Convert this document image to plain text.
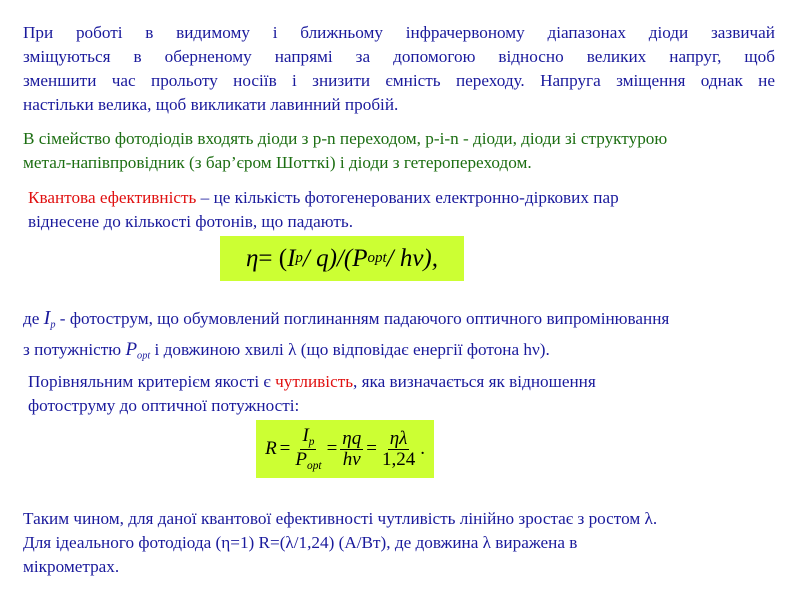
При роботі в видимому і ближньому інфрачервоному діапазонах діоди зазвичай
зміщуються в оберненому напрямі за допомогою відносно великих напруг, щоб
зменшити час прольоту носіїв і знизити ємність переходу. Напруга зміщення однак не
настільки велика, щоб викликати лавинний пробій.
В сімейство фотодіодів входять діоди з p-n переходом, p-i-n - діоди, діоди зі структурою
метал-напівпровідник (з бар’єром Шотткі) і діоди з гетеропереходом.
Квантова ефективність – це кількість фотогенерованих електронно-діркових пар
віднесене до кількості фотонів, що падають.
η = ( I p / q)/( P opt / hν),
де $I_p$ - фотострум, що обумовлений поглинанням падаючого оптичного випромінювання
з потужністю $P_{opt}$ і довжиною хвилі λ (що відповідає енергії фотона hν).
Порівняльним критерієм якості є чутливість, яка визначається як відношення
фотоструму до оптичної потужності:
$R = \frac{I_p}{P_{opt}} = \frac{\eta q}{h\nu} = \frac{\eta\lambda}{1,24}$ .
Таким чином, для даної квантової ефективності чутливість лінійно зростає з ростом λ.
Для ідеального фотодіода (η=1) R=(λ/1,24) (А/Вт), де довжина λ виражена в
мікрометрах.
